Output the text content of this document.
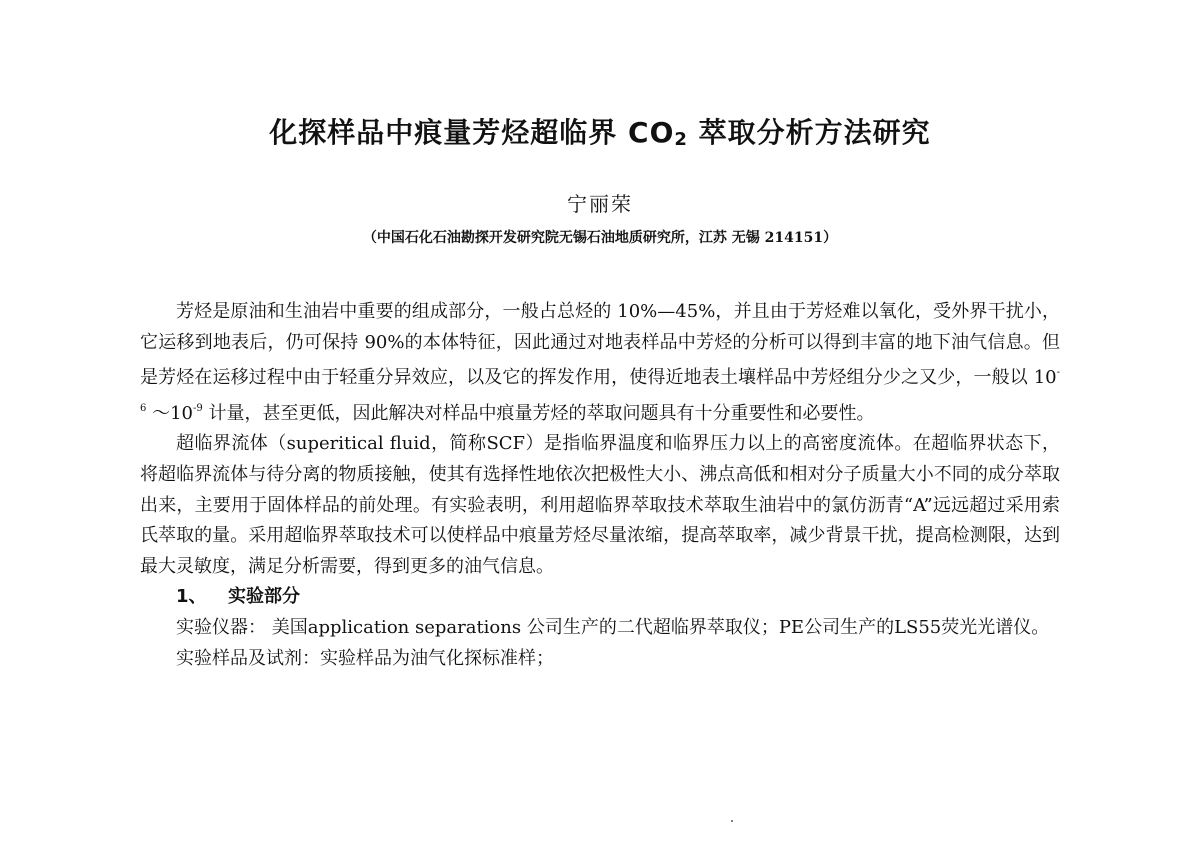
化探样品中痕量芳烃超临界 $CO_2$ 萃取分析方法研究
宁丽荣
（中国石化石油勘探开发研究院无锡石油地质研究所，江苏 无锡 214151）

芳烃是原油和生油岩中重要的组成部分，一般占总烃的 10%—45%，并且由于芳烃难以氧化，受外界干扰小，它运移到地表后，仍可保持 90%的本体特征，因此通过对地表样品中芳烃的分析可以得到丰富的地下油气信息。但是芳烃在运移过程中由于轻重分异效应，以及它的挥发作用，使得近地表土壤样品中芳烃组分少之又少，一般以 $10^{-6}$ $\sim 10^{-9}$ 计量，甚至更低，因此解决对样品中痕量芳烃的萃取问题具有十分重要性和必要性。

超临界流体（superitical fluid，简称SCF）是指临界温度和临界压力以上的高密度流体。在超临界状态下，将超临界流体与待分离的物质接触，使其有选择性地依次把极性大小、沸点高低和相对分子质量大小不同的成分萃取出来，主要用于固体样品的前处理。有实验表明，利用超临界萃取技术萃取生油岩中的氯仿沥青“A”远远超过采用索氏萃取的量。采用超临界萃取技术可以使样品中痕量芳烃尽量浓缩，提高萃取率，减少背景干扰，提高检测限，达到最大灵敏度，满足分析需要，得到更多的油气信息。

1、 实验部分

实验仪器： 美国application separations 公司生产的二代超临界萃取仪；PE公司生产的LS55荧光光谱仪。

实验样品及试剂：实验样品为油气化探标准样；
